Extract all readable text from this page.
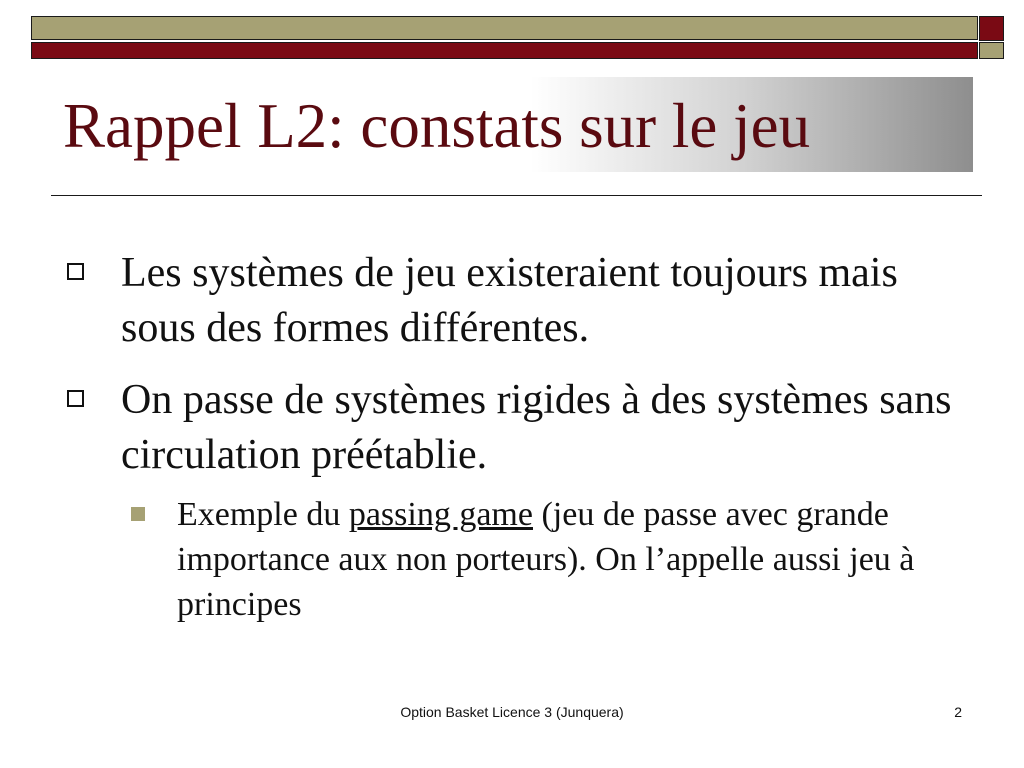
Rappel L2: constats sur le jeu
Les systèmes de jeu existeraient toujours mais sous des formes différentes.
On passe de systèmes rigides à des systèmes sans circulation préétablie.
Exemple du passing game (jeu de passe avec grande importance aux non porteurs). On l’appelle aussi jeu à principes
Option Basket Licence 3 (Junquera)	2
